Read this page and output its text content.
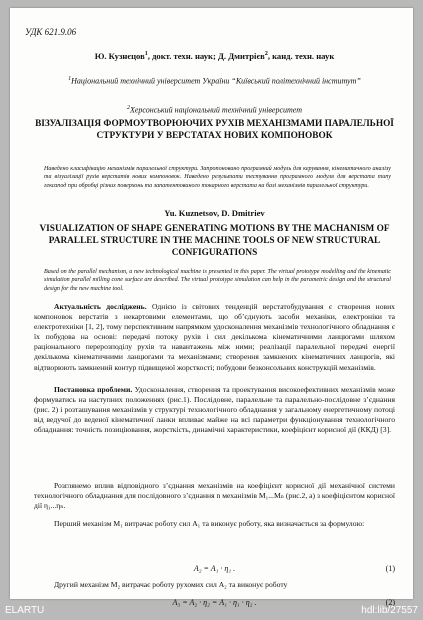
УДК 621.9.06
Ю. Кузнєцов$^1$, докт. техн. наук; Д. Дмитрієв$^2$, канд. техн. наук
$^1$Національний технічний університет України “Київський політехнічний інститут”
$^2$Херсонський національний технічний університет
ВІЗУАЛІЗАЦІЯ ФОРМОУТВОРЮЮЧИХ РУХІВ МЕХАНІЗМАМИ ПАРАЛЕЛЬНОЇ СТРУКТУРИ У ВЕРСТАТАХ НОВИХ КОМПОНОВОК
Наведено класифікацію механізмів паралельної структури. Запропоновано програмний модуль для керування, кінематичного аналізу та візуалізації рухів верстатів нових компоновок. Наведено результати тестування програмного модуля для верстата типу гексапод при обробці різних поверхонь та запатентованого токарного верстата на базі механізмів паралельної структури.
Yu. Kuznetsov, D. Dmitriev
VISUALIZATION OF SHAPE GENERATING MOTIONS BY THE MACHANISM OF PARALLEL STRUCTURE IN THE MACHINE TOOLS OF NEW STRUCTURAL CONFIGURATIONS
Based on the parallel mechanism, a new technological machine is presented in this paper. The virtual prototype modelling and the kinematic simulation parallel milling cone surface are described. The virtual prototype simulation can help in the parametric design and the structural design for the new machine tool.
Актуальність досліджень. Однією із світових тенденцій верстатобудування є створення нових компоновок верстатів з некартовими елементами, що об’єднують засоби механіки, електроніки та електротехніки [1, 2], тому перспективним напрямком удосконалення механізмів технологічного обладнання є їх побудова на основі: передачі потоку рухів і сил декількома кінематичними ланцюгами шляхом раціонального перерозподілу рухів та навантажень між ними; реалізації паралельної передачі енергії декількома кінематичними ланцюгами та механізмами; створення замкнених кінематичних ланцюгів, які відтворюють замкнений контур підвищеної жорсткості; побудови безконсольних конструкцій механізмів.
Постановка проблеми. Удосконалення, створення та проектування високоефективних механізмів може формуватись на наступних положеннях (рис.1). Послідовне, паралельне та паралельно-послідовне з’єднання (рис. 2) і розташування механізмів у структурі технологічного обладнання у загальному енергетичному потоці від ведучої до веденої кінематичної ланки впливає майже на всі параметри функціонування технологічного обладнання: точність позиціювання, жорсткість, динамічні характеристики, коефіцієнт корисної дії (ККД) [3].
Розглянемо вплив відповідного з’єднання механізмів на коефіцієнт корисної дії механічної системи технологічного обладнання для послідовного з’єднання n механізмів M₁...Mₙ (рис.2, а) з коефіцієнтом корисної дії η₁...ηₙ.
Перший механізм M₁ витрачає роботу сил A₁ та виконує роботу, яка визначається за формулою:
A₂ = A₁ · η₁ .	(1)
Другий механізм M₂ витрачає роботу рухомих сил A₂ та виконує роботу
A₃ = A₂ · η₂ = A₁ · η₁ · η₂ .	(2)
ELARTU	hdl:lib/27557
